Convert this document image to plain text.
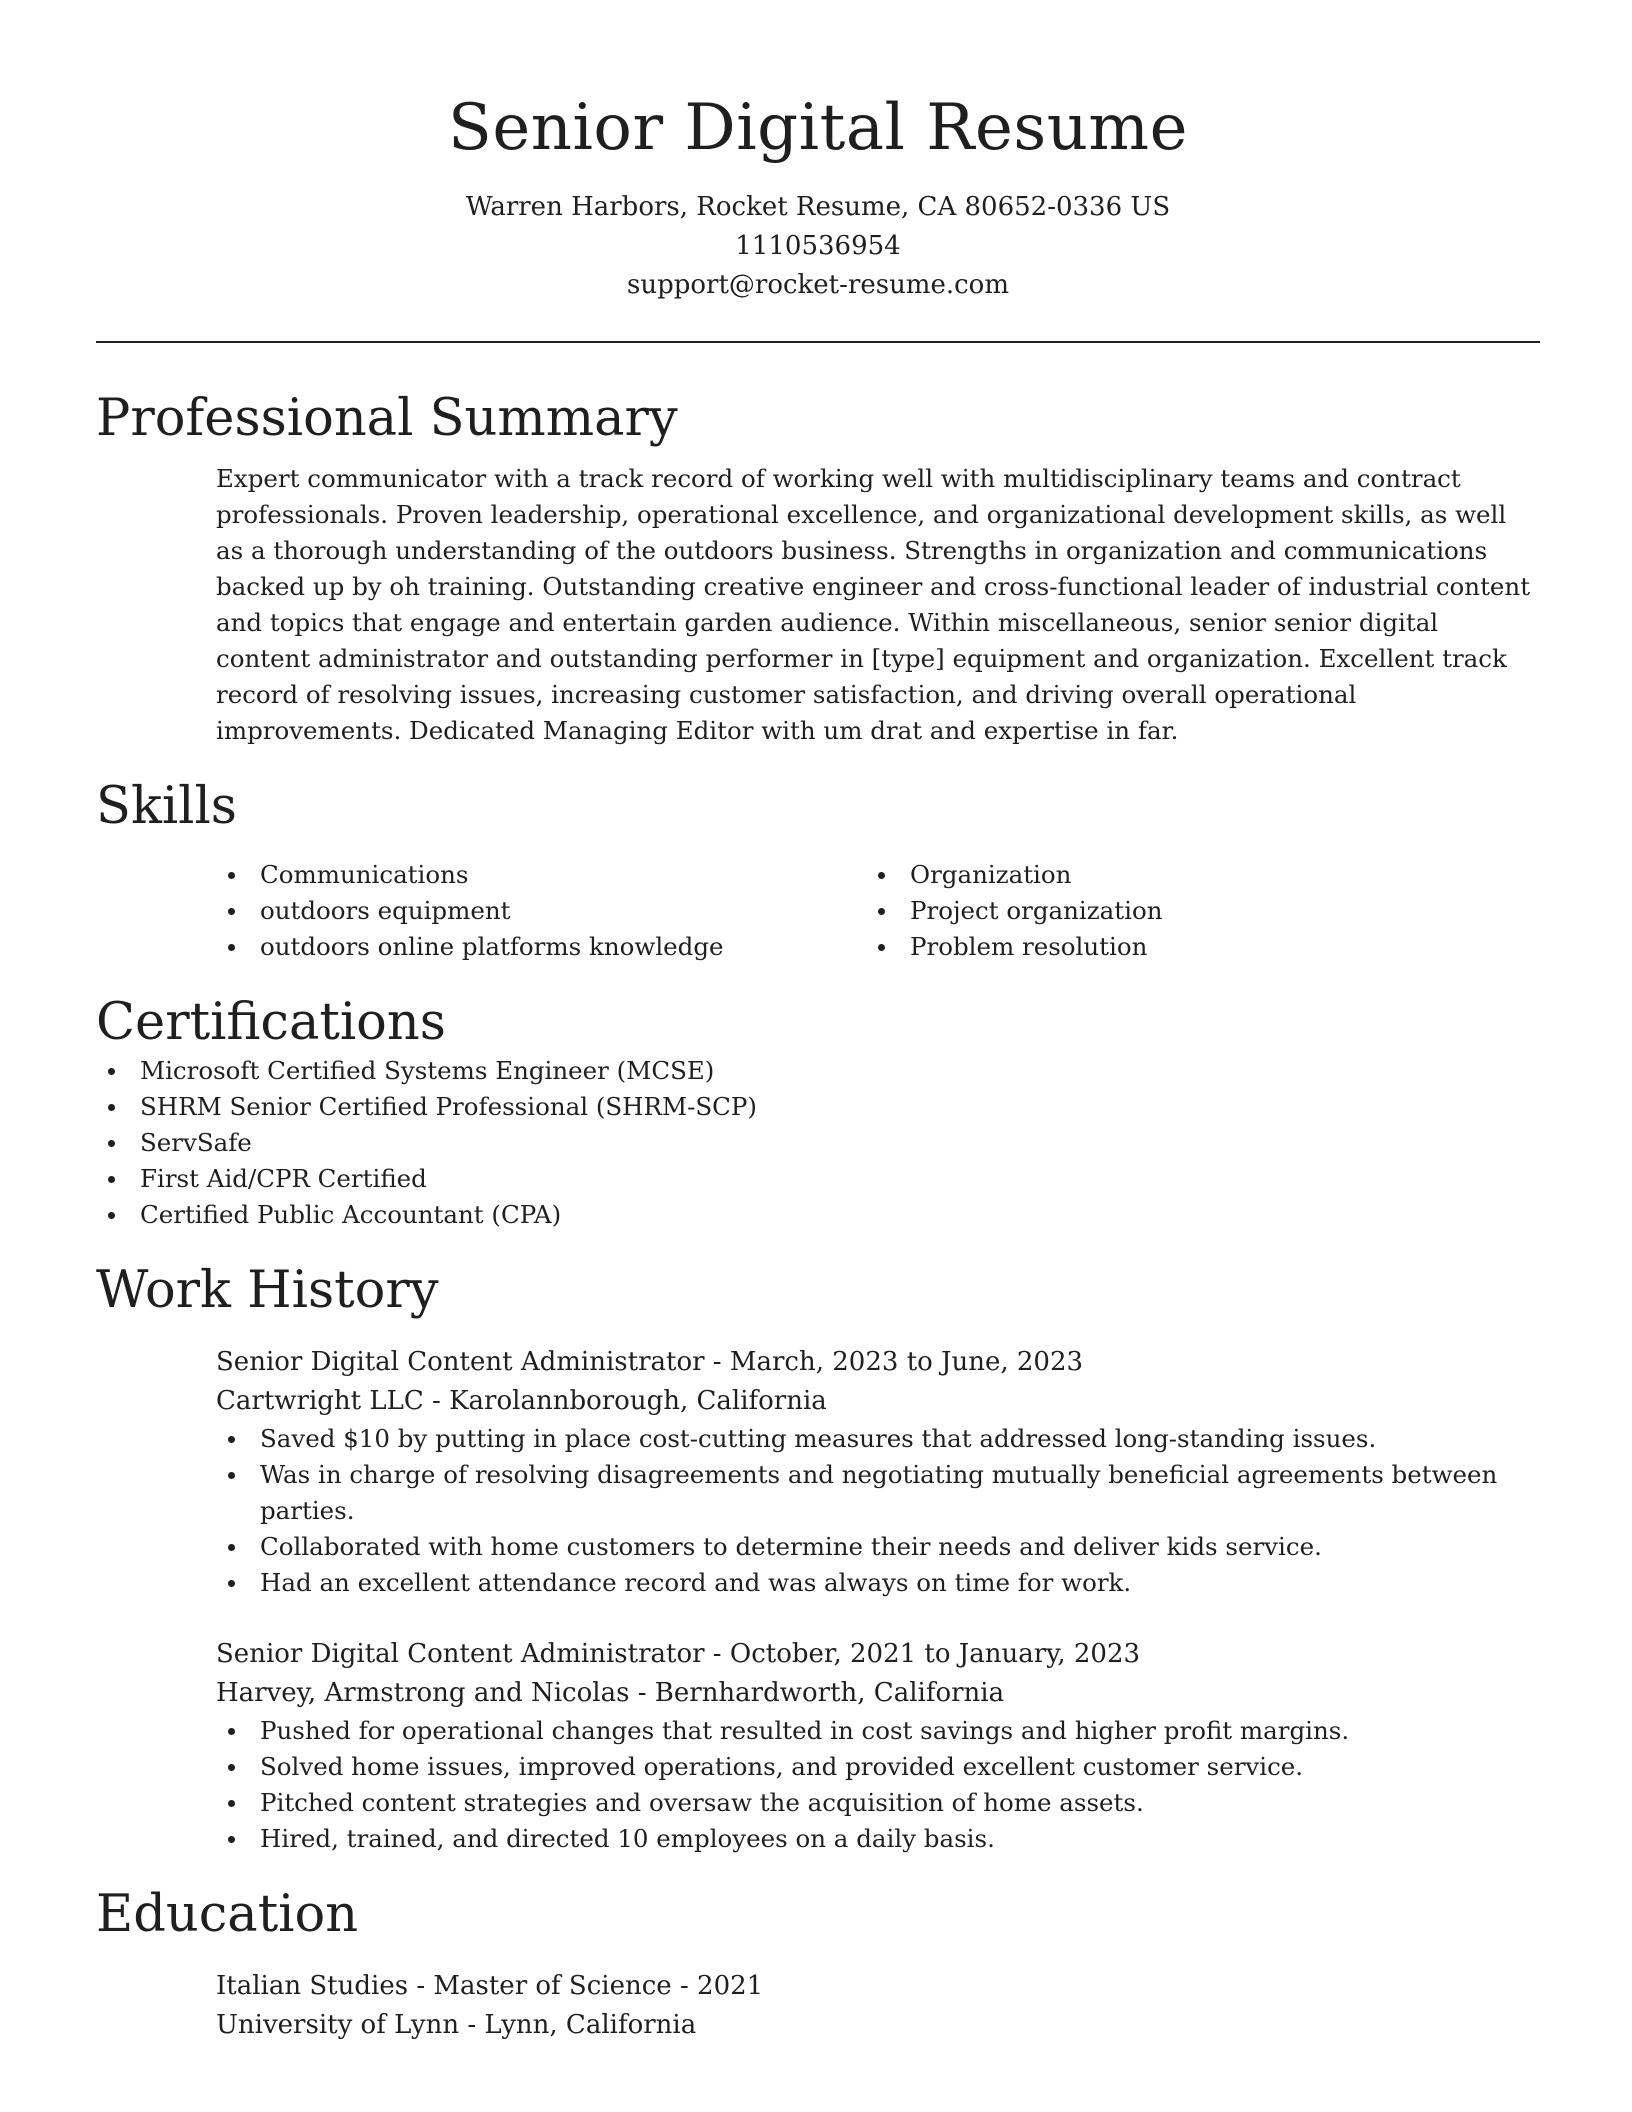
Senior Digital Resume

Warren Harbors, Rocket Resume, CA 80652-0336 US

1110536954

support@rocket-resume.com

Professional Summary

Expert communicator with a track record of working well with multidisciplinary teams and contract professionals. Proven leadership, operational excellence, and organizational development skills, as well as a thorough understanding of the outdoors business. Strengths in organization and communications backed up by oh training. Outstanding creative engineer and cross-functional leader of industrial content and topics that engage and entertain garden audience. Within miscellaneous, senior senior digital content administrator and outstanding performer in [type] equipment and organization. Excellent track record of resolving issues, increasing customer satisfaction, and driving overall operational improvements. Dedicated Managing Editor with um drat and expertise in far.

Skills
Communications
outdoors equipment
outdoors online platforms knowledge
Organization
Project organization
Problem resolution
Certifications
Microsoft Certified Systems Engineer (MCSE)
SHRM Senior Certified Professional (SHRM-SCP)
ServSafe
First Aid/CPR Certified
Certified Public Accountant (CPA)
Work History

Senior Digital Content Administrator - March, 2023 to June, 2023

Cartwright LLC - Karolannborough, California

Saved $10 by putting in place cost-cutting measures that addressed long-standing issues.
Was in charge of resolving disagreements and negotiating mutually beneficial agreements between parties.
Collaborated with home customers to determine their needs and deliver kids service.
Had an excellent attendance record and was always on time for work.

Senior Digital Content Administrator - October, 2021 to January, 2023

Harvey, Armstrong and Nicolas - Bernhardworth, California

Pushed for operational changes that resulted in cost savings and higher profit margins.
Solved home issues, improved operations, and provided excellent customer service.
Pitched content strategies and oversaw the acquisition of home assets.
Hired, trained, and directed 10 employees on a daily basis.
Education

Italian Studies - Master of Science - 2021

University of Lynn - Lynn, California
